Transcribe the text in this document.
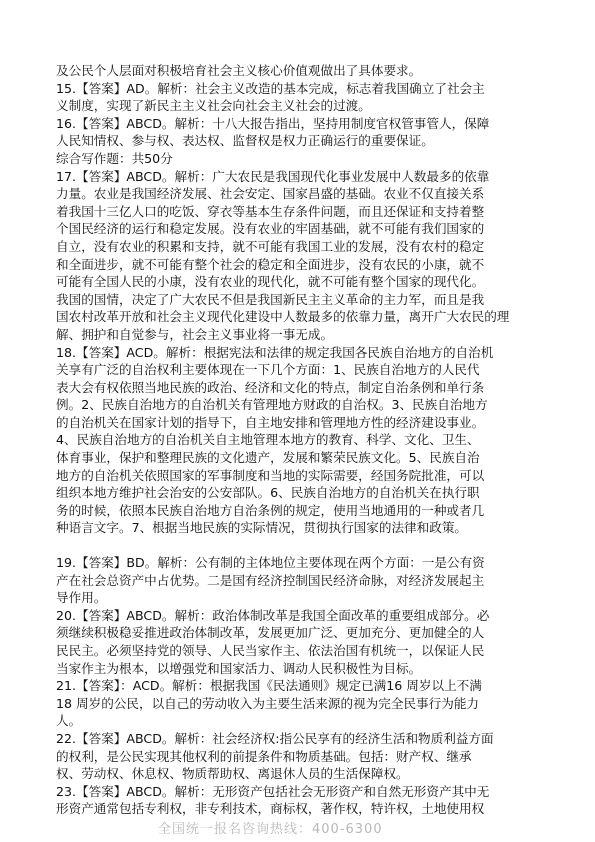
及公民个人层面对积极培育社会主义核心价值观做出了具体要求。
15.【答案】AD。解析：社会主义改造的基本完成，标志着我国确立了社会主
义制度，实现了新民主主义社会向社会主义社会的过渡。
16.【答案】ABCD。解析：十八大报告指出，坚持用制度官权管事管人，保障
人民知情权、参与权、表达权、监督权是权力正确运行的重要保证。
综合写作题：共50分
17.【答案】ABCD。解析：广大农民是我国现代化事业发展中人数最多的依靠
力量。农业是我国经济发展、社会安定、国家昌盛的基础。农业不仅直接关系
着我国十三亿人口的吃饭、穿衣等基本生存条件问题，而且还保证和支持着整
个国民经济的运行和稳定发展。没有农业的牢固基础，就不可能有我们国家的
自立，没有农业的积累和支持，就不可能有我国工业的发展，没有农村的稳定
和全面进步，就不可能有整个社会的稳定和全面进步，没有农民的小康，就不
可能有全国人民的小康，没有农业的现代化，就不可能有整个国家的现代化。
我国的国情，决定了广大农民不但是我国新民主主义革命的主力军，而且是我
国农村改革开放和社会主义现代化建设中人数最多的依靠力量，离开广大农民的理
解、拥护和自觉参与，社会主义事业将一事无成。
18.【答案】ACD。解析：根据宪法和法律的规定我国各民族自治地方的自治机
关享有广泛的自治权利主要体现在一下几个方面：1、民族自治地方的人民代
表大会有权依照当地民族的政治、经济和文化的特点，制定自治条例和单行条
例。2、民族自治地方的自治机关有管理地方财政的自治权。3、民族自治地方
的自治机关在国家计划的指导下，自主地安排和管理地方性的经济建设事业。
4、民族自治地方的自治机关自主地管理本地方的教育、科学、文化、卫生、
体育事业，保护和整理民族的文化遗产，发展和繁荣民族文化。5、民族自治
地方的自治机关依照国家的军事制度和当地的实际需要，经国务院批准，可以
组织本地方维护社会治安的公安部队。6、民族自治地方的自治机关在执行职
务的时候，依照本民族自治地方自治条例的规定，使用当地通用的一种或者几
种语言文字。7、根据当地民族的实际情况，贯彻执行国家的法律和政策。
19.【答案】BD。解析：公有制的主体地位主要体现在两个方面：一是公有资
产在社会总资产中占优势。二是国有经济控制国民经济命脉，对经济发展起主
导作用。
20.【答案】ABCD。解析：政治体制改革是我国全面改革的重要组成部分。必
须继续积极稳妥推进政治体制改革，发展更加广泛、更加充分、更加健全的人
民民主。必须坚持党的领导、人民当家作主、依法治国有机统一，以保证人民
当家作主为根本，以增强党和国家活力、调动人民积极性为目标。
21.【答案】：ACD。解析：根据我国《民法通则》规定已满16 周岁以上不满
18 周岁的公民，以自己的劳动收入为主要生活来源的视为完全民事行为能力
人。
22.【答案】ABCD。解析：社会经济权:指公民享有的经济生活和物质利益方面
的权利，是公民实现其他权利的前提条件和物质基础。包括：财产权、继承
权、劳动权、休息权、物质帮助权、离退休人员的生活保障权。
23.【答案】ABCD。解析：无形资产包括社会无形资产和自然无形资产其中无
形资产通常包括专利权，非专利技术，商标权，著作权，特许权，土地使用权
全国统一报名咨询热线：400-6300
